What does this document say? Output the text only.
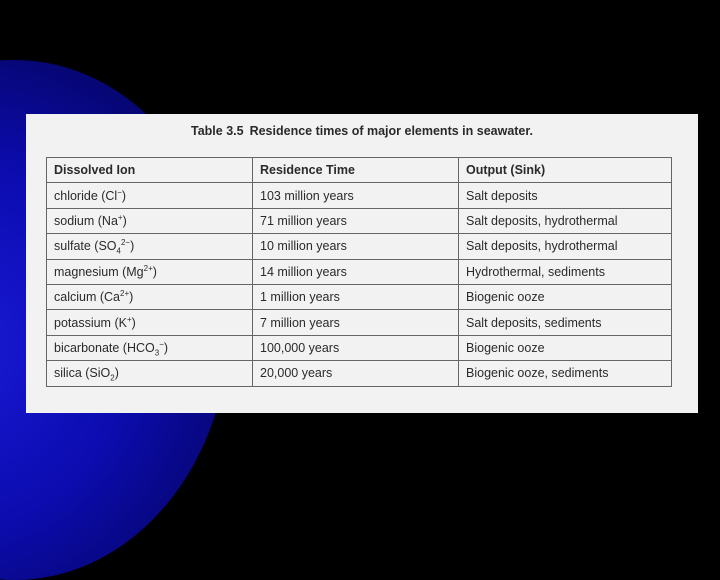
Table 3.5 Residence times of major elements in seawater.
Dissolved Ion	Residence Time	Output (Sink)
chloride (Cl−)	103 million years	Salt deposits
sodium (Na+)	71 million years	Salt deposits, hydrothermal
sulfate $(SO_4^{2-})$	10 million years	Salt deposits, hydrothermal
magnesium $(Mg^{2+})$	14 million years	Hydrothermal, sediments
calcium $(Ca^{2+})$	1 million years	Biogenic ooze
potassium (K+)	7 million years	Salt deposits, sediments
bicarbonate $(HCO_3^-)$	100,000 years	Biogenic ooze
silica (SiO$_2$)	20,000 years	Biogenic ooze, sediments
